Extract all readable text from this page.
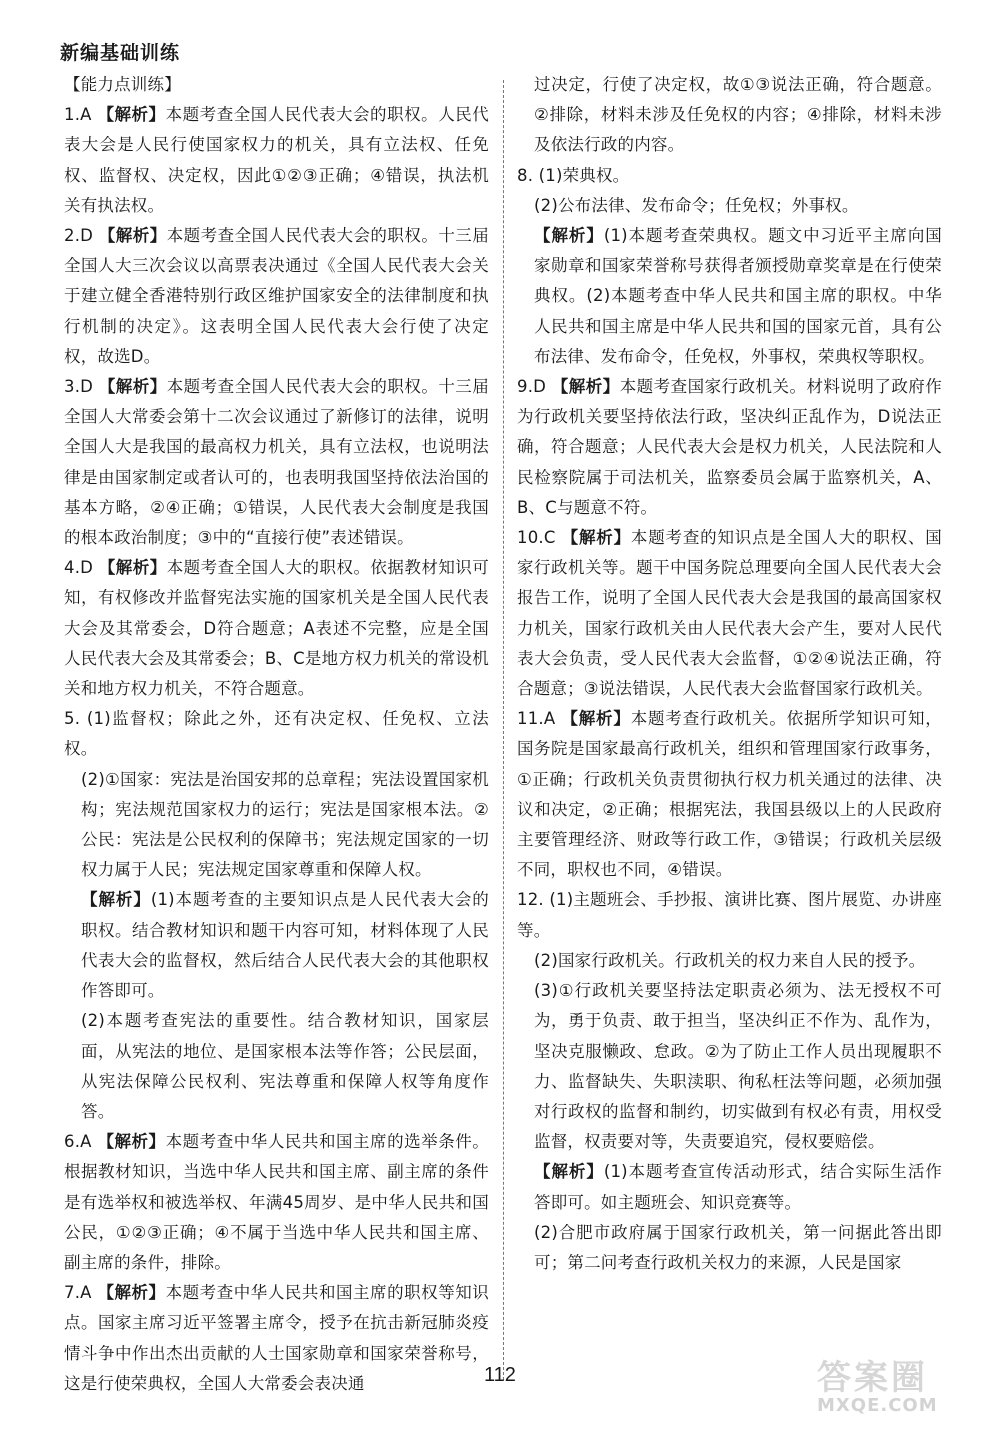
新编基础训练

【能力点训练】

1.A 【解析】本题考查全国人民代表大会的职权。人民代表大会是人民行使国家权力的机关，具有立法权、任免权、监督权、决定权，因此①②③正确；④错误，执法机关有执法权。

2.D 【解析】本题考查全国人民代表大会的职权。十三届全国人大三次会议以高票表决通过《全国人民代表大会关于建立健全香港特别行政区维护国家安全的法律制度和执行机制的决定》。这表明全国人民代表大会行使了决定权，故选D。

3.D 【解析】本题考查全国人民代表大会的职权。十三届全国人大常委会第十二次会议通过了新修订的法律，说明全国人大是我国的最高权力机关，具有立法权，也说明法律是由国家制定或者认可的，也表明我国坚持依法治国的基本方略，②④正确；①错误，人民代表大会制度是我国的根本政治制度；③中的“直接行使”表述错误。

4.D 【解析】本题考查全国人大的职权。依据教材知识可知，有权修改并监督宪法实施的国家机关是全国人民代表大会及其常委会，D符合题意；A表述不完整，应是全国人民代表大会及其常委会；B、C是地方权力机关的常设机关和地方权力机关，不符合题意。

5. (1)监督权；除此之外，还有决定权、任免权、立法权。

(2)①国家：宪法是治国安邦的总章程；宪法设置国家机构；宪法规范国家权力的运行；宪法是国家根本法。②公民：宪法是公民权利的保障书；宪法规定国家的一切权力属于人民；宪法规定国家尊重和保障人权。

【解析】(1)本题考查的主要知识点是人民代表大会的职权。结合教材知识和题干内容可知，材料体现了人民代表大会的监督权，然后结合人民代表大会的其他职权作答即可。

(2)本题考查宪法的重要性。结合教材知识，国家层面，从宪法的地位、是国家根本法等作答；公民层面，从宪法保障公民权利、宪法尊重和保障人权等角度作答。

6.A 【解析】本题考查中华人民共和国主席的选举条件。根据教材知识，当选中华人民共和国主席、副主席的条件是有选举权和被选举权、年满45周岁、是中华人民共和国公民，①②③正确；④不属于当选中华人民共和国主席、副主席的条件，排除。

7.A 【解析】本题考查中华人民共和国主席的职权等知识点。国家主席习近平签署主席令，授予在抗击新冠肺炎疫情斗争中作出杰出贡献的人士国家勋章和国家荣誉称号，这是行使荣典权，全国人大常委会表决通

过决定，行使了决定权，故①③说法正确，符合题意。②排除，材料未涉及任免权的内容；④排除，材料未涉及依法行政的内容。

8. (1)荣典权。

(2)公布法律、发布命令；任免权；外事权。

【解析】(1)本题考查荣典权。题文中习近平主席向国家勋章和国家荣誉称号获得者颁授勋章奖章是在行使荣典权。(2)本题考查中华人民共和国主席的职权。中华人民共和国主席是中华人民共和国的国家元首，具有公布法律、发布命令，任免权，外事权，荣典权等职权。

9.D 【解析】本题考查国家行政机关。材料说明了政府作为行政机关要坚持依法行政，坚决纠正乱作为，D说法正确，符合题意；人民代表大会是权力机关，人民法院和人民检察院属于司法机关，监察委员会属于监察机关，A、B、C与题意不符。

10.C 【解析】本题考查的知识点是全国人大的职权、国家行政机关等。题干中国务院总理要向全国人民代表大会报告工作，说明了全国人民代表大会是我国的最高国家权力机关，国家行政机关由人民代表大会产生，要对人民代表大会负责，受人民代表大会监督，①②④说法正确，符合题意；③说法错误，人民代表大会监督国家行政机关。

11.A 【解析】本题考查行政机关。依据所学知识可知，国务院是国家最高行政机关，组织和管理国家行政事务，①正确；行政机关负责贯彻执行权力机关通过的法律、决议和决定，②正确；根据宪法，我国县级以上的人民政府主要管理经济、财政等行政工作，③错误；行政机关层级不同，职权也不同，④错误。

12. (1)主题班会、手抄报、演讲比赛、图片展览、办讲座等。

(2)国家行政机关。行政机关的权力来自人民的授予。

(3)①行政机关要坚持法定职责必须为、法无授权不可为，勇于负责、敢于担当，坚决纠正不作为、乱作为，坚决克服懒政、怠政。②为了防止工作人员出现履职不力、监督缺失、失职渎职、徇私枉法等问题，必须加强对行政权的监督和制约，切实做到有权必有责，用权受监督，权责要对等，失责要追究，侵权要赔偿。

【解析】(1)本题考查宣传活动形式，结合实际生活作答即可。如主题班会、知识竞赛等。

(2)合肥市政府属于国家行政机关，第一问据此答出即可；第二问考查行政机关权力的来源，人民是国家

112	答案圈
MXQE.COM
